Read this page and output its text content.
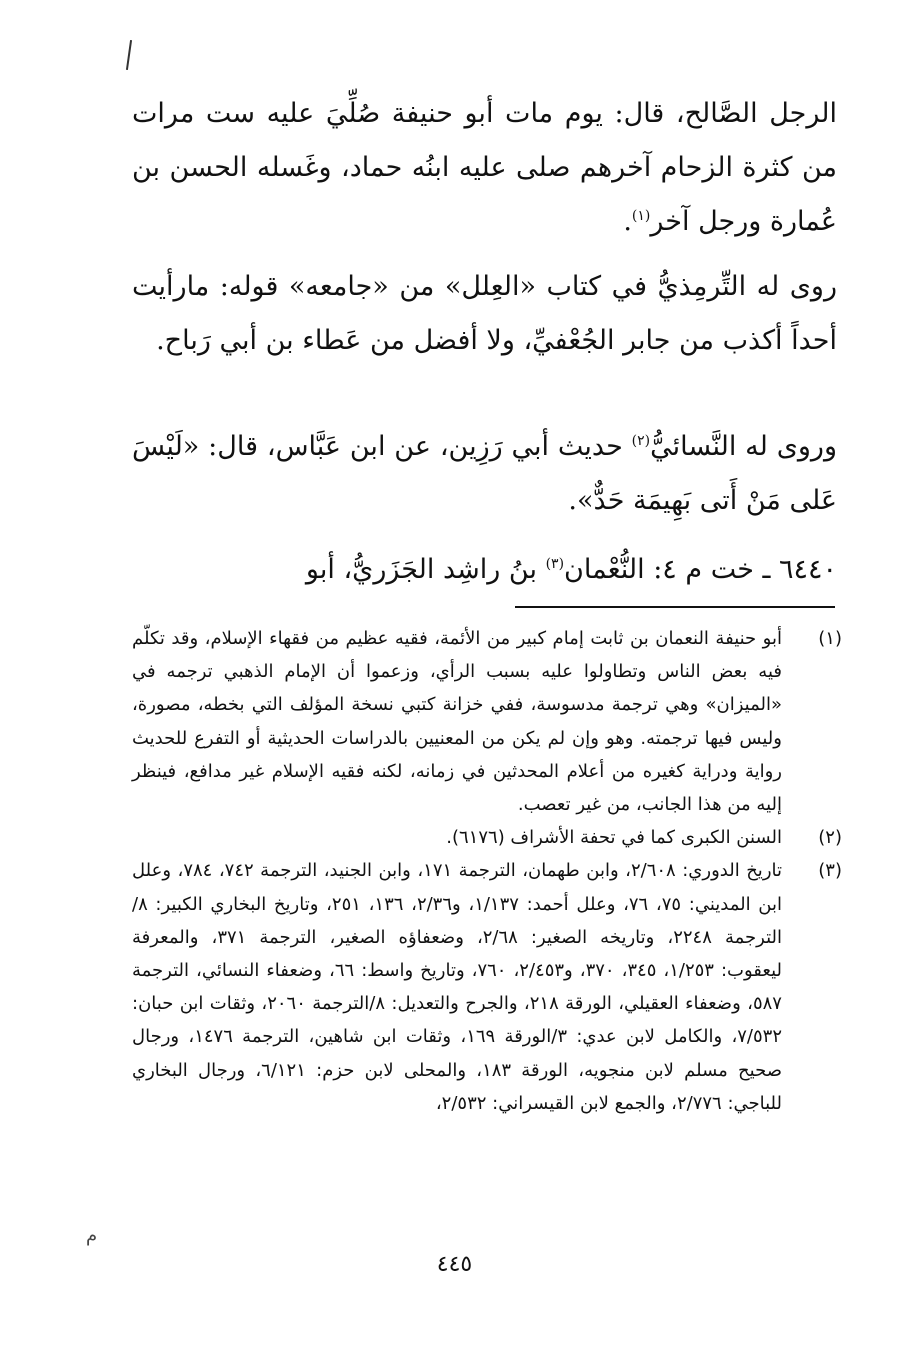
م

الرجل الصَّالح، قال: يوم مات أبو حنيفة صُلِّيَ عليه ست مرات من كثرة الزحام آخرهم صلى عليه ابنُه حماد، وغَسله الحسن بن عُمارة ورجل آخر$^{(١)}$.

روى له التِّرمِذيُّ في كتاب «العِلل» من «جامعه» قوله: مارأيت أحداً أكذب من جابر الجُعْفيِّ، ولا أفضل من عَطاء بن أبي رَباح.

وروى له النَّسائيُّ$^{(٢)}$ حديث أبي رَزِين، عن ابن عَبَّاس، قال: «لَيْسَ عَلى مَنْ أَتى بَهِيمَة حَدٌّ».

٦٤٤٠ ـ خت م ٤: النُّعْمان$^{(٣)}$ بنُ راشِد الجَزَريُّ، أبو

(١)
أبو حنيفة النعمان بن ثابت إمام كبير من الأئمة، فقيه عظيم من فقهاء الإسلام، وقد تكلّم فيه بعض الناس وتطاولوا عليه بسبب الرأي، وزعموا أن الإمام الذهبي ترجمه في «الميزان» وهي ترجمة مدسوسة، ففي خزانة كتبي نسخة المؤلف التي بخطه، مصورة، وليس فيها ترجمته. وهو وإن لم يكن من المعنيين بالدراسات الحديثية أو التفرع للحديث رواية ودراية كغيره من أعلام المحدثين في زمانه، لكنه فقيه الإسلام غير مدافع، فينظر إليه من هذا الجانب، من غير تعصب.
(٢)
السنن الكبرى كما في تحفة الأشراف (٦١٧٦).
(٣)
تاريخ الدوري: ٢/٦٠٨، وابن طهمان، الترجمة ١٧١، وابن الجنيد، الترجمة ٧٤٢، ٧٨٤، وعلل ابن المديني: ٧٥، ٧٦، وعلل أحمد: ١/١٣٧، و٢/٣٦، ١٣٦، ٢٥١، وتاريخ البخاري الكبير: ٨/الترجمة ٢٢٤٨، وتاريخه الصغير: ٢/٦٨، وضعفاؤه الصغير، الترجمة ٣٧١، والمعرفة ليعقوب: ١/٢٥٣، ٣٤٥، ٣٧٠، و٢/٤٥٣، ٧٦٠، وتاريخ واسط: ٦٦، وضعفاء النسائي، الترجمة ٥٨٧، وضعفاء العقيلي، الورقة ٢١٨، والجرح والتعديل: ٨/الترجمة ٢٠٦٠، وثقات ابن حبان: ٧/٥٣٢، والكامل لابن عدي: ٣/الورقة ١٦٩، وثقات ابن شاهين، الترجمة ١٤٧٦، ورجال صحيح مسلم لابن منجويه، الورقة ١٨٣، والمحلى لابن حزم: ٦/١٢١، ورجال البخاري للباجي: ٢/٧٧٦، والجمع لابن القيسراني: ٢/٥٣٢،
٤٤٥
